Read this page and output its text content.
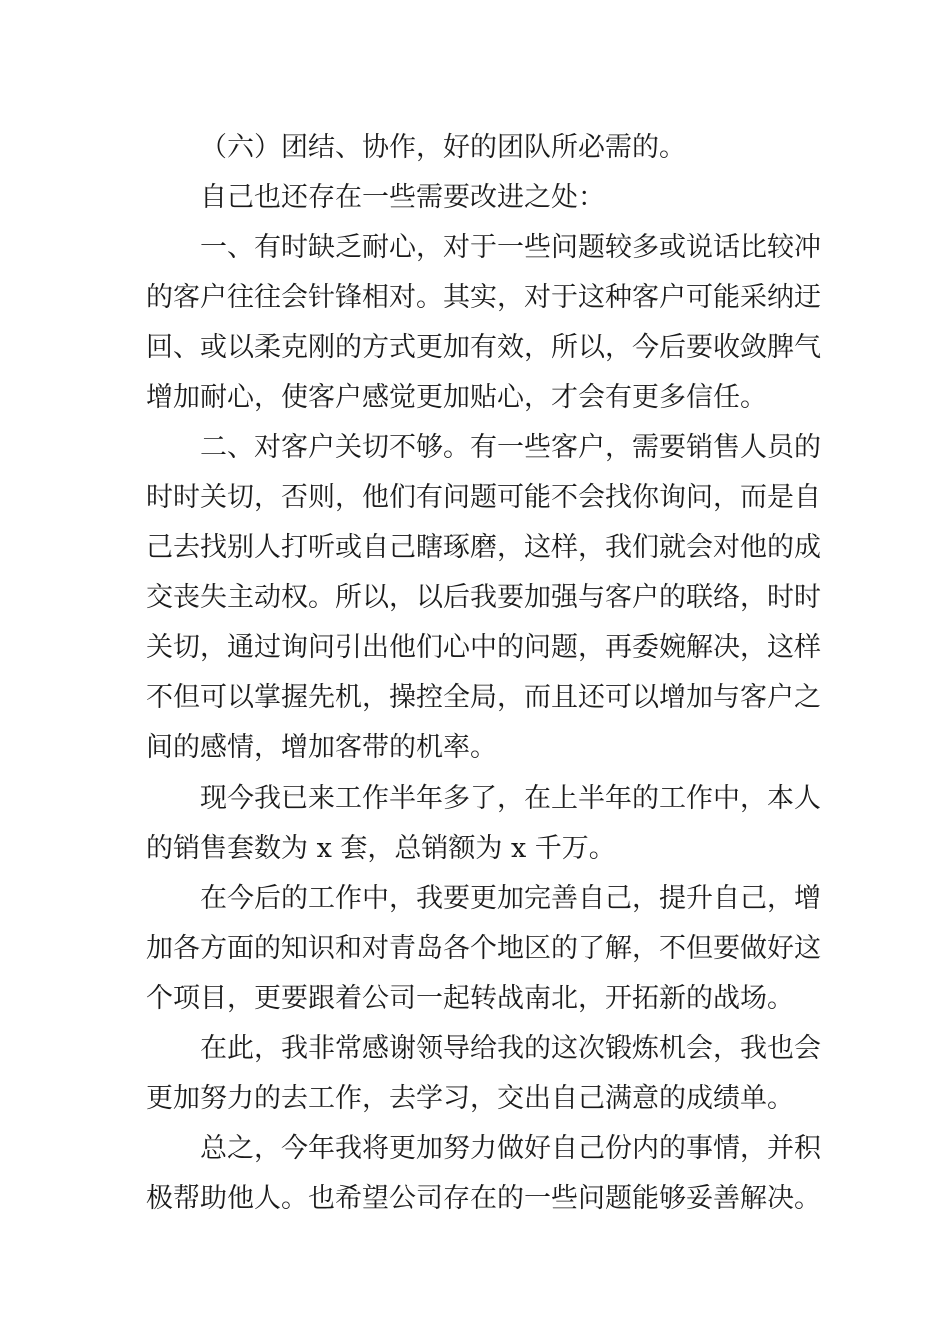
（六）团结、协作，好的团队所必需的。
自己也还存在一些需要改进之处：
一、有时缺乏耐心，对于一些问题较多或说话比较冲
的客户往往会针锋相对。其实，对于这种客户可能采纳迂
回、或以柔克刚的方式更加有效，所以，今后要收敛脾气
增加耐心，使客户感觉更加贴心，才会有更多信任。
二、对客户关切不够。有一些客户，需要销售人员的
时时关切，否则，他们有问题可能不会找你询问，而是自
己去找别人打听或自己瞎琢磨，这样，我们就会对他的成
交丧失主动权。所以，以后我要加强与客户的联络，时时
关切，通过询问引出他们心中的问题，再委婉解决，这样
不但可以掌握先机，操控全局，而且还可以增加与客户之
间的感情，增加客带的机率。
现今我已来工作半年多了，在上半年的工作中，本人
的销售套数为 x 套，总销额为 x 千万。
在今后的工作中，我要更加完善自己，提升自己，增
加各方面的知识和对青岛各个地区的了解，不但要做好这
个项目，更要跟着公司一起转战南北，开拓新的战场。
在此，我非常感谢领导给我的这次锻炼机会，我也会
更加努力的去工作，去学习，交出自己满意的成绩单。
总之，今年我将更加努力做好自己份内的事情，并积
极帮助他人。也希望公司存在的一些问题能够妥善解决。
